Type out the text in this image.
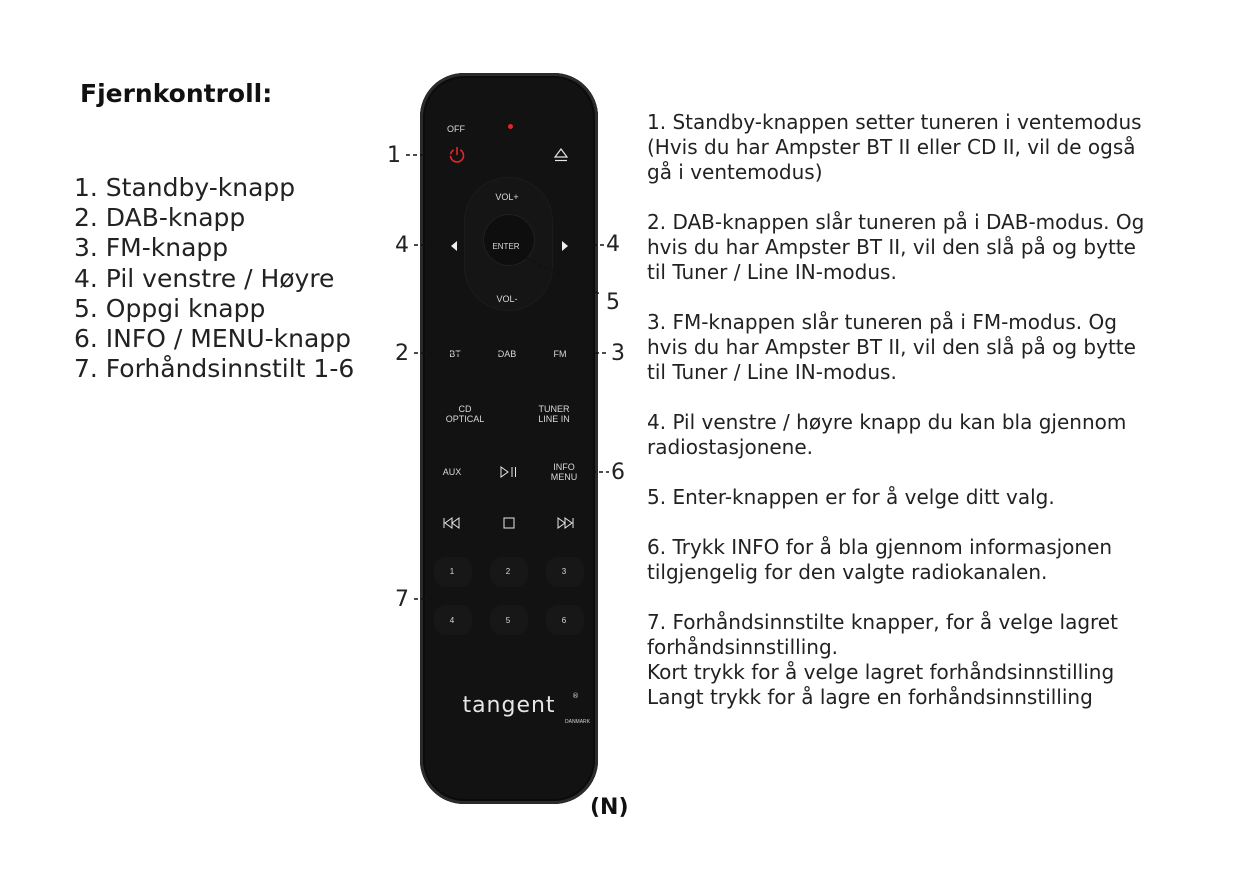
Fjernkontroll:
1. Standby-knapp
2. DAB-knapp
3. FM-knapp
4. Pil venstre / Høyre
5. Oppgi knapp
6. INFO / MENU-knapp
7. Forhåndsinnstilt 1-6
OFF
VOL+
ENTER
VOL-
BT	DAB	FM
CD
OPTICAL
TUNER
LINE IN
AUX	INFO
MENU
1	2	3
4	5	6
tangent ®
DANMARK
1
4	4
5
2	3
6
7

1. Standby-knappen setter tuneren i ventemodus
(Hvis du har Ampster BT II eller CD II, vil de også
gå i ventemodus)

2. DAB-knappen slår tuneren på i DAB-modus. Og
hvis du har Ampster BT II, vil den slå på og bytte
til Tuner / Line IN-modus.

3. FM-knappen slår tuneren på i FM-modus. Og
hvis du har Ampster BT II, vil den slå på og bytte
til Tuner / Line IN-modus.

4. Pil venstre / høyre knapp du kan bla gjennom
radiostasjonene.

5. Enter-knappen er for å velge ditt valg.

6. Trykk INFO for å bla gjennom informasjonen
tilgjengelig for den valgte radiokanalen.

7. Forhåndsinnstilte knapper, for å velge lagret
forhåndsinnstilling.
Kort trykk for å velge lagret forhåndsinnstilling
Langt trykk for å lagre en forhåndsinnstilling

(N)
